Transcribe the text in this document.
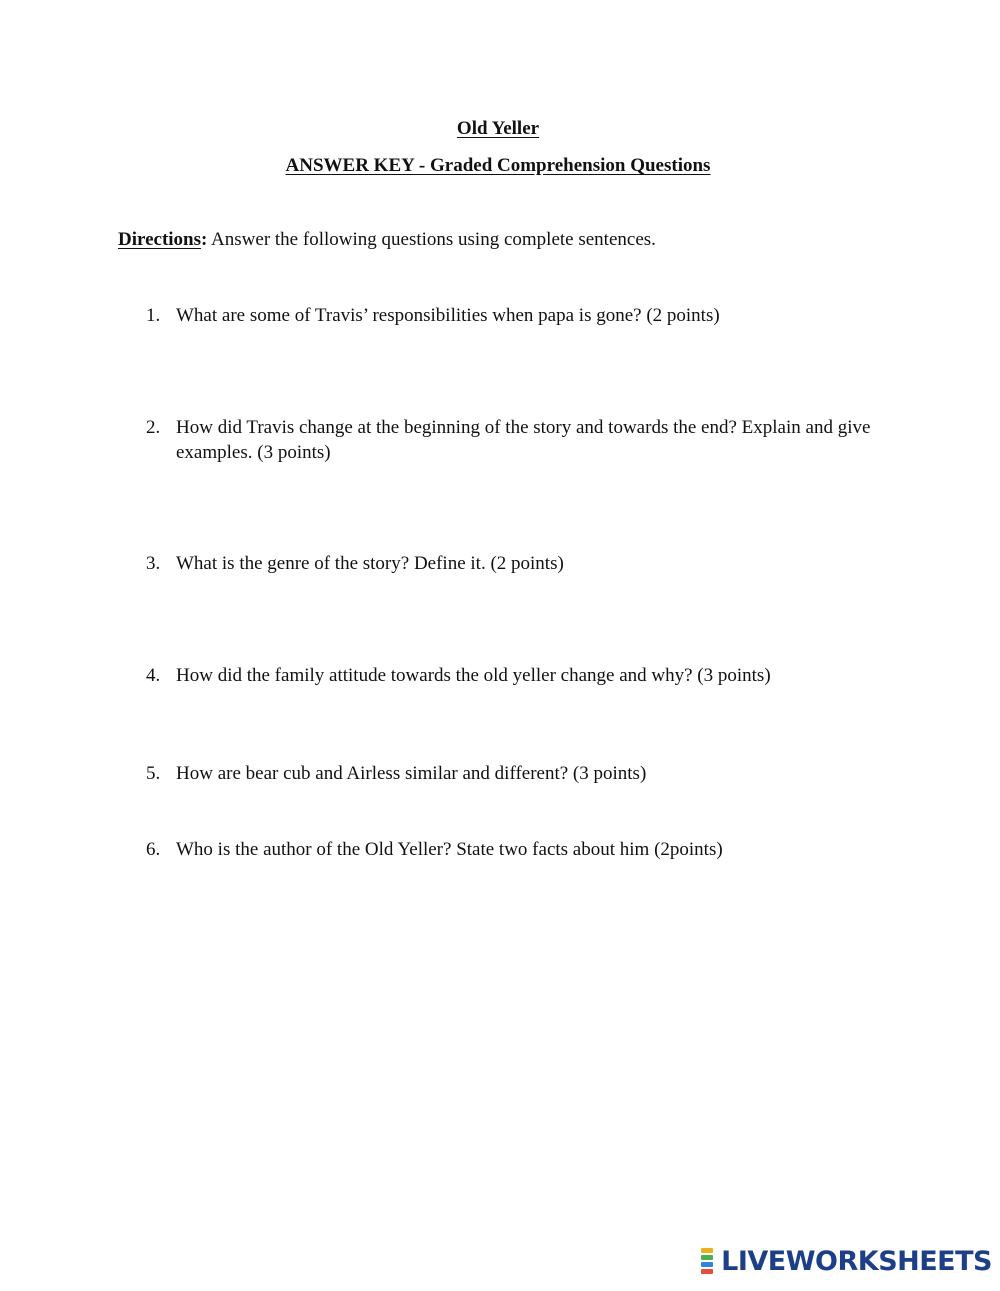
Old Yeller
ANSWER KEY - Graded Comprehension Questions
Directions: Answer the following questions using complete sentences.
1. What are some of Travis’ responsibilities when papa is gone? (2 points)
2. How did Travis change at the beginning of the story and towards the end? Explain and give examples. (3 points)
3. What is the genre of the story? Define it. (2 points)
4. How did the family attitude towards the old yeller change and why? (3 points)
5. How are bear cub and Airless similar and different? (3 points)
6. Who is the author of the Old Yeller? State two facts about him (2points)
LIVEWORKSHEETS
